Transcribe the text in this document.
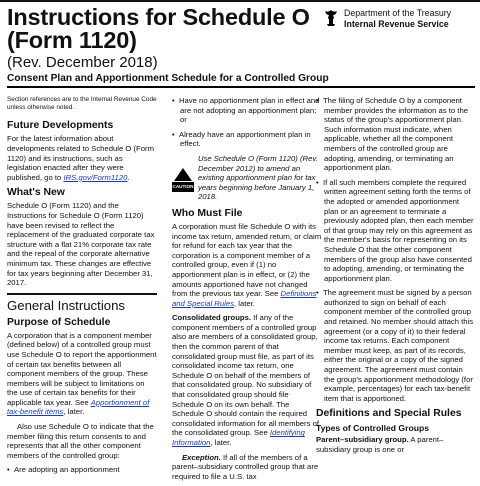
Instructions for Schedule O
(Form 1120)
(Rev. December 2018)
Consent Plan and Apportionment Schedule for a Controlled Group
Department of the Treasury
Internal Revenue Service

Section references are to the Internal Revenue Code unless otherwise noted.

Future Developments

For the latest information about developments related to Schedule O (Form 1120) and its instructions, such as legislation enacted after they were published, go to IRS.gov/Form1120.

What's New

Schedule O (Form 1120) and the Instructions for Schedule O (Form 1120) have been revised to reflect the replacement of the graduated corporate tax structure with a flat 21% corporate tax rate and the repeal of the corporate alternative minimum tax. These changes are effective for tax years beginning after December 31, 2017.

General Instructions
Purpose of Schedule

A corporation that is a component member (defined below) of a controlled group must use Schedule O to report the apportionment of certain tax benefits between all component members of the group. These members will be subject to limitations on the use of certain tax benefits for their applicable tax year. See Apportionment of tax-benefit items, later.

Also use Schedule O to indicate that the member filing this return consents to and represents that all the other component members of the controlled group:

•  Are adopting an apportionment

•  Have no apportionment plan in effect and are not adopting an apportionment plan; or

•  Already have an apportionment plan in effect.

CAUTION
Use Schedule O (Form 1120) (Rev. December 2012) to amend an existing apportionment plan for tax years beginning before January 1, 2018.
Who Must File

A corporation must file Schedule O with its income tax return, amended return, or claim for refund for each tax year that the corporation is a component member of a controlled group, even if (1) no apportionment plan is in effect, or (2) the amounts apportioned have not changed from the previous tax year. See Definitions and Special Rules, later.

Consolidated groups. If any of the component members of a controlled group also are members of a consolidated group, then the common parent of that consolidated group must file, as part of its consolidated income tax return, one Schedule O on behalf of the members of that consolidated group. No subsidiary of that consolidated group should file Schedule O on its own behalf. The Schedule O should contain the required consolidated information for all members of the consolidated group. See Identifying Information, later.

Exception. If all of the members of a parent–subsidiary controlled group that are required to file a U.S. tax

•  The filing of Schedule O by a component member provides the information as to the status of the group's apportionment plan. Such information must indicate, when applicable, whether all the component members of the controlled group are adopting, amending, or terminating an apportionment plan.

•  If all such members complete the required written agreement setting forth the terms of the adopted or amended apportionment plan or an agreement to terminate a previously adopted plan, then each member of that group may rely on this agreement as the member's basis for representing on its Schedule O that the other component members of the group also have consented to adopting, amending, or terminating the apportionment plan.

•  The agreement must be signed by a person authorized to sign on behalf of each component member of the controlled group and retained. No member should attach this agreement (or a copy of it) to their federal income tax returns. Each component member must keep, as part of its records, either the original or a copy of the signed agreement. The agreement must contain the group's apportionment methodology (for example, percentages) for each tax-benefit item that is apportioned.

Definitions and Special Rules
Types of Controlled Groups

Parent–subsidiary group. A parent–subsidiary group is one or
